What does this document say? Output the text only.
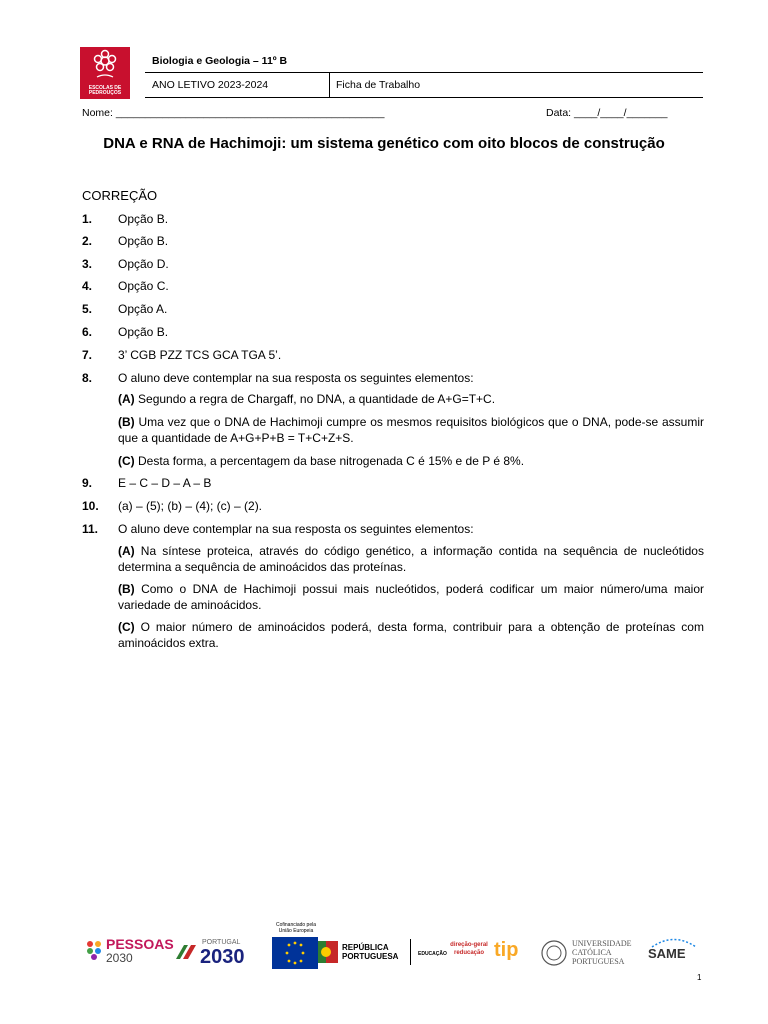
ESCOLAS DE PEDROUÇOS
Biologia e Geologia – 11º B
ANO LETIVO 2023-2024	Ficha de Trabalho
Nome: ______________________________________________	Data: ____/____/_______
DNA e RNA de Hachimoji: um sistema genético com oito blocos de construção
CORREÇÃO
1. Opção B.
2. Opção B.
3. Opção D.
4. Opção C.
5. Opção A.
6. Opção B.
7. 3’ CGB PZZ TCS GCA TGA 5’.
8. O aluno deve contemplar na sua resposta os seguintes elementos:
(A) Segundo a regra de Chargaff, no DNA, a quantidade de A+G=T+C.
(B) Uma vez que o DNA de Hachimoji cumpre os mesmos requisitos biológicos que o DNA, pode-se assumir que a quantidade de A+G+P+B = T+C+Z+S.
(C) Desta forma, a percentagem da base nitrogenada C é 15% e de P é 8%.
9. E – C – D – A – B
10. (a) – (5); (b) – (4); (c) – (2).
11. O aluno deve contemplar na sua resposta os seguintes elementos:
(A) Na síntese proteica, através do código genético, a informação contida na sequência de nucleótidos determina a sequência de aminoácidos das proteínas.
(B) Como o DNA de Hachimoji possui mais nucleótidos, poderá codificar um maior número/uma maior variedade de aminoácidos.
(C) O maior número de aminoácidos poderá, desta forma, contribuir para a obtenção de proteínas com aminoácidos extra.
PESSOAS
2030
PORTUGAL
2030
Cofinanciado pela União Europeia
REPÚBLICA PORTUGUESA	EDUCAÇÃO
direção-geral reducação tip	UNIVERSIDADE CATÓLICA PORTUGUESA
SAME
1
